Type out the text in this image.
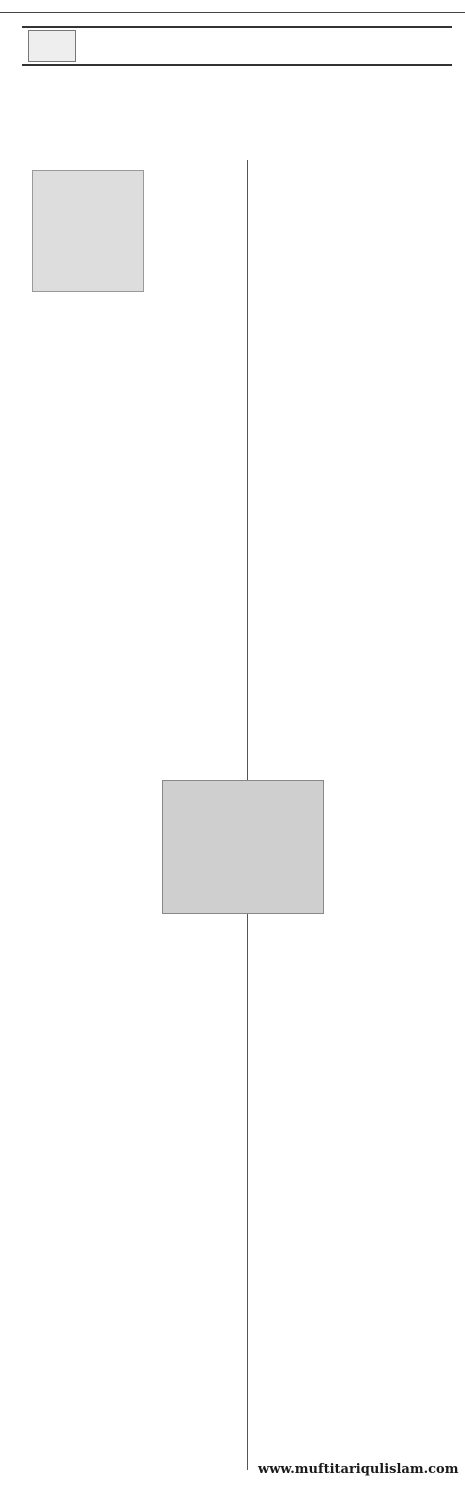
www.muftitariqulislam.com
